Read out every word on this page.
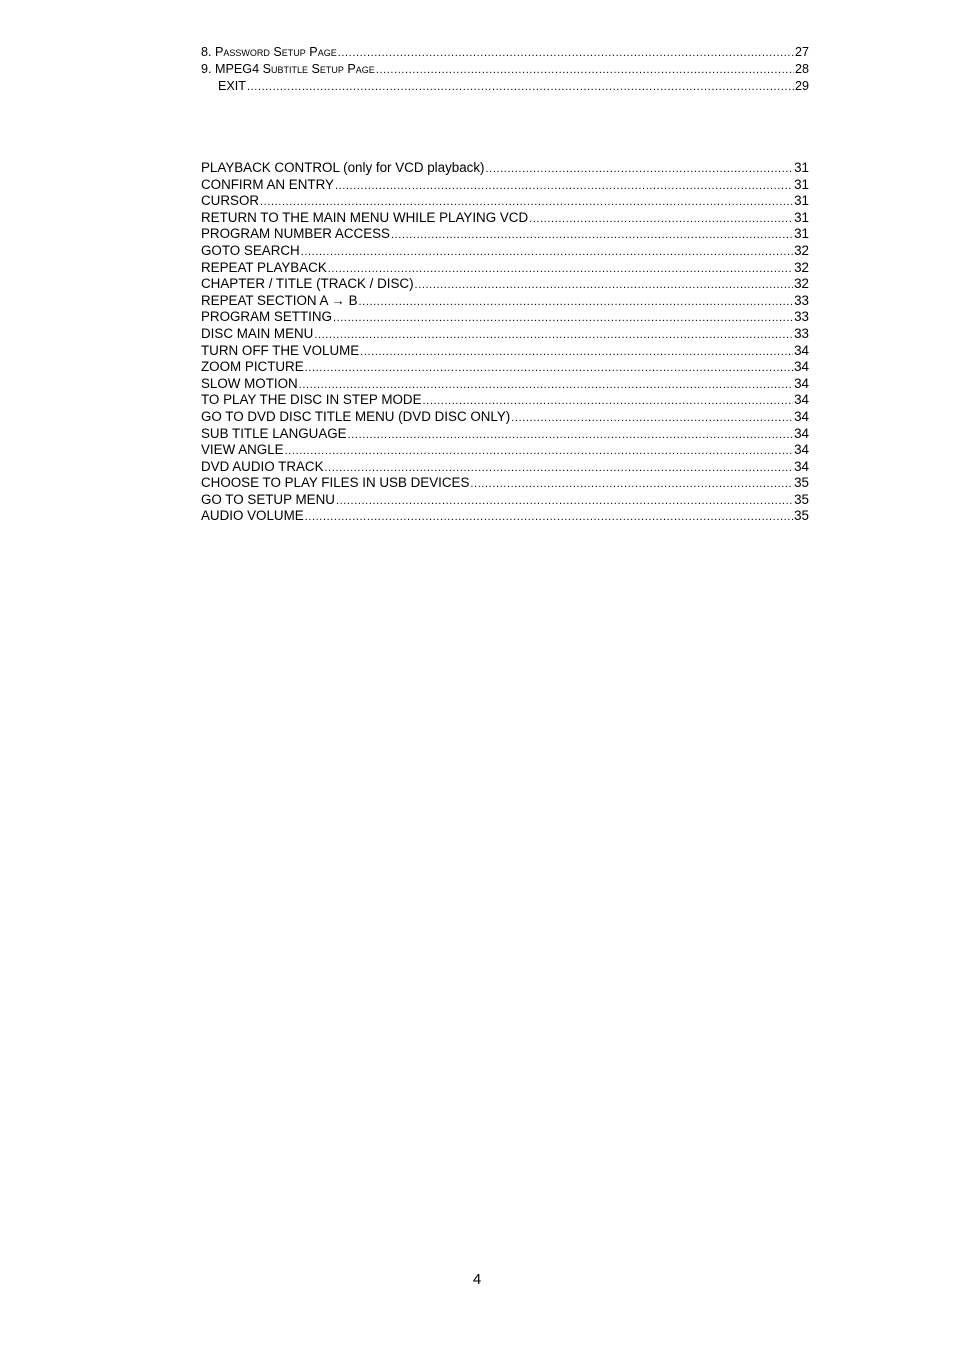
8. Password Setup Page .....	27
9. MPEG4 Subtitle Setup Page .....	28
EXIT .....	29
PLAYBACK CONTROL (only for VCD playback) .....	31
CONFIRM AN ENTRY .....	31
CURSOR .....	31
RETURN TO THE MAIN MENU WHILE PLAYING VCD .....	31
PROGRAM NUMBER ACCESS .....	31
GOTO SEARCH .....	32
REPEAT PLAYBACK .....	32
CHAPTER / TITLE (TRACK / DISC) .....	32
REPEAT SECTION A → B .....	33
PROGRAM SETTING .....	33
DISC MAIN MENU .....	33
TURN OFF THE VOLUME .....	34
ZOOM PICTURE .....	34
SLOW MOTION .....	34
TO PLAY THE DISC IN STEP MODE .....	34
GO TO DVD DISC TITLE MENU (DVD DISC ONLY) .....	34
SUB TITLE LANGUAGE .....	34
VIEW ANGLE .....	34
DVD AUDIO TRACK .....	34
CHOOSE TO PLAY FILES IN USB DEVICES .....	35
GO TO SETUP MENU .....	35
AUDIO VOLUME .....	35
4
